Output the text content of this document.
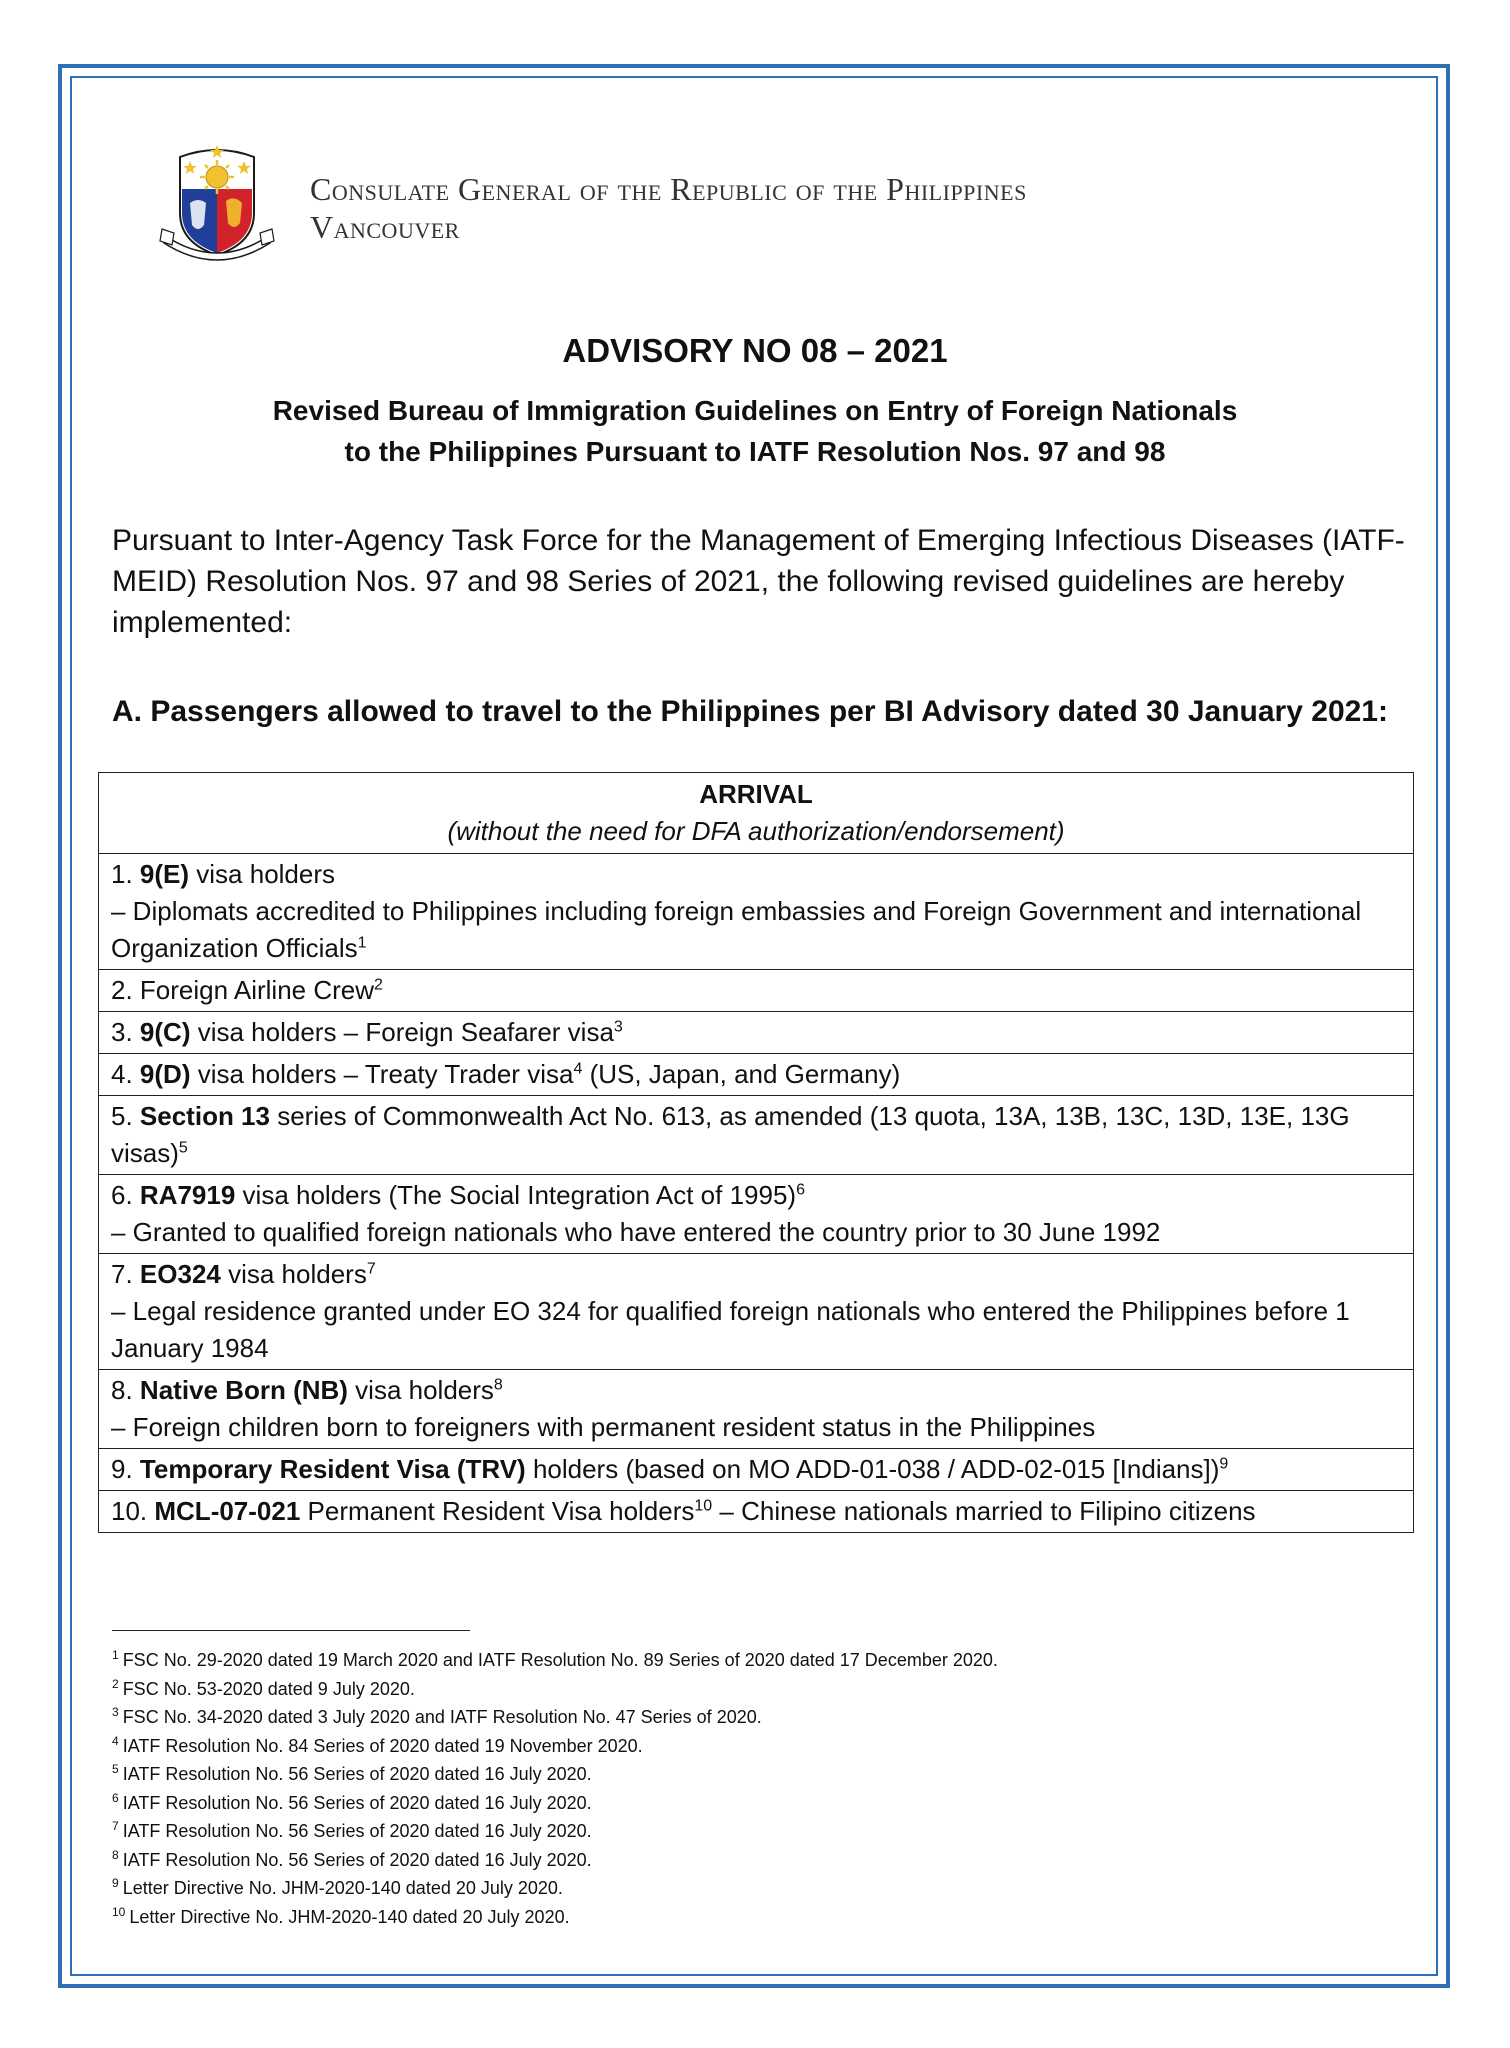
Consulate General of the Republic of the Philippines
Vancouver
ADVISORY NO 08 – 2021
Revised Bureau of Immigration Guidelines on Entry of Foreign Nationals
to the Philippines Pursuant to IATF Resolution Nos. 97 and 98
Pursuant to Inter-Agency Task Force for the Management of Emerging Infectious Diseases (IATF-MEID) Resolution Nos. 97 and 98 Series of 2021, the following revised guidelines are hereby implemented:
A. Passengers allowed to travel to the Philippines per BI Advisory dated 30 January 2021:
ARRIVAL
(without the need for DFA authorization/endorsement)

1. 9(E) visa holders
– Diplomats accredited to Philippines including foreign embassies and Foreign Government and international Organization Officials$^1$

2. Foreign Airline Crew$^2$

3. 9(C) visa holders – Foreign Seafarer visa$^3$

4. 9(D) visa holders – Treaty Trader visa$^4$ (US, Japan, and Germany)

5. Section 13 series of Commonwealth Act No. 613, as amended (13 quota, 13A, 13B, 13C, 13D, 13E, 13G visas)$^5$

6. RA7919 visa holders (The Social Integration Act of 1995)$^6$
– Granted to qualified foreign nationals who have entered the country prior to 30 June 1992

7. EO324 visa holders$^7$
– Legal residence granted under EO 324 for qualified foreign nationals who entered the Philippines before 1 January 1984

8. Native Born (NB) visa holders$^8$
– Foreign children born to foreigners with permanent resident status in the Philippines

9. Temporary Resident Visa (TRV) holders (based on MO ADD-01-038 / ADD-02-015 [Indians])$^9$

10. MCL-07-021 Permanent Resident Visa holders$^{10}$ – Chinese nationals married to Filipino citizens
$^1$ FSC No. 29-2020 dated 19 March 2020 and IATF Resolution No. 89 Series of 2020 dated 17 December 2020.
$^2$ FSC No. 53-2020 dated 9 July 2020.
$^3$ FSC No. 34-2020 dated 3 July 2020 and IATF Resolution No. 47 Series of 2020.
$^4$ IATF Resolution No. 84 Series of 2020 dated 19 November 2020.
$^5$ IATF Resolution No. 56 Series of 2020 dated 16 July 2020.
$^6$ IATF Resolution No. 56 Series of 2020 dated 16 July 2020.
$^7$ IATF Resolution No. 56 Series of 2020 dated 16 July 2020.
$^8$ IATF Resolution No. 56 Series of 2020 dated 16 July 2020.
$^9$ Letter Directive No. JHM-2020-140 dated 20 July 2020.
$^{10}$ Letter Directive No. JHM-2020-140 dated 20 July 2020.
